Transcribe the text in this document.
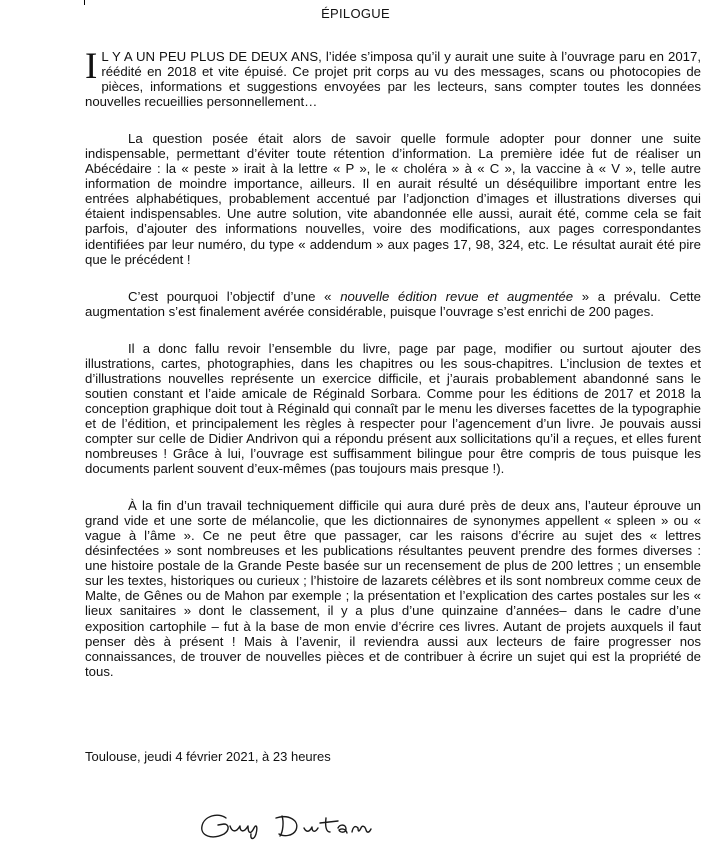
ÉPILOGUE

I L Y A UN PEU PLUS DE DEUX ANS, l’idée s’imposa qu’il y aurait une suite à l’ouvrage paru en 2017, réédité en 2018 et vite épuisé. Ce projet prit corps au vu des messages, scans ou photocopies de pièces, informations et suggestions envoyées par les lecteurs, sans compter toutes les données nouvelles recueillies personnellement…

La question posée était alors de savoir quelle formule adopter pour donner une suite indispensable, permettant d’éviter toute rétention d’information. La première idée fut de réaliser un Abécédaire : la « peste » irait à la lettre « P », le « choléra » à « C », la vaccine à « V », telle autre information de moindre importance, ailleurs. Il en aurait résulté un déséquilibre important entre les entrées alphabétiques, probablement accentué par l’adjonction d’images et illustrations diverses qui étaient indispensables. Une autre solution, vite abandonnée elle aussi, aurait été, comme cela se fait parfois, d’ajouter des informations nouvelles, voire des modifications, aux pages correspondantes identifiées par leur numéro, du type « addendum » aux pages 17, 98, 324, etc. Le résultat aurait été pire que le précédent !

C’est pourquoi l’objectif d’une « nouvelle édition revue et augmentée » a prévalu. Cette augmentation s’est finalement avérée considérable, puisque l’ouvrage s’est enrichi de 200 pages.

Il a donc fallu revoir l’ensemble du livre, page par page, modifier ou surtout ajouter des illustrations, cartes, photographies, dans les chapitres ou les sous-chapitres. L’inclusion de textes et d’illustrations nouvelles représente un exercice difficile, et j’aurais probablement abandonné sans le soutien constant et l’aide amicale de Réginald Sorbara. Comme pour les éditions de 2017 et 2018 la conception graphique doit tout à Réginald qui connaît par le menu les diverses facettes de la typographie et de l’édition, et principalement les règles à respecter pour l’agencement d’un livre. Je pouvais aussi compter sur celle de Didier Andrivon qui a répondu présent aux sollicitations qu’il a reçues, et elles furent nombreuses ! Grâce à lui, l’ouvrage est suffisamment bilingue pour être compris de tous puisque les documents parlent souvent d’eux-mêmes (pas toujours mais presque !).

À la fin d’un travail techniquement difficile qui aura duré près de deux ans, l’auteur éprouve un grand vide et une sorte de mélancolie, que les dictionnaires de synonymes appellent « spleen » ou « vague à l’âme ». Ce ne peut être que passager, car les raisons d’écrire au sujet des « lettres désinfectées » sont nombreuses et les publications résultantes peuvent prendre des formes diverses : une histoire postale de la Grande Peste basée sur un recensement de plus de 200 lettres ; un ensemble sur les textes, historiques ou curieux ; l’histoire de lazarets célèbres et ils sont nombreux comme ceux de Malte, de Gênes ou de Mahon par exemple ; la présentation et l’explication des cartes postales sur les « lieux sanitaires » dont le classement, il y a plus d’une quinzaine d’années– dans le cadre d’une exposition cartophile – fut à la base de mon envie d’écrire ces livres. Autant de projets auxquels il faut penser dès à présent ! Mais à l’avenir, il reviendra aussi aux lecteurs de faire progresser nos connaissances, de trouver de nouvelles pièces et de contribuer à écrire un sujet qui est la propriété de tous.

Toulouse, jeudi 4 février 2021, à 23 heures
